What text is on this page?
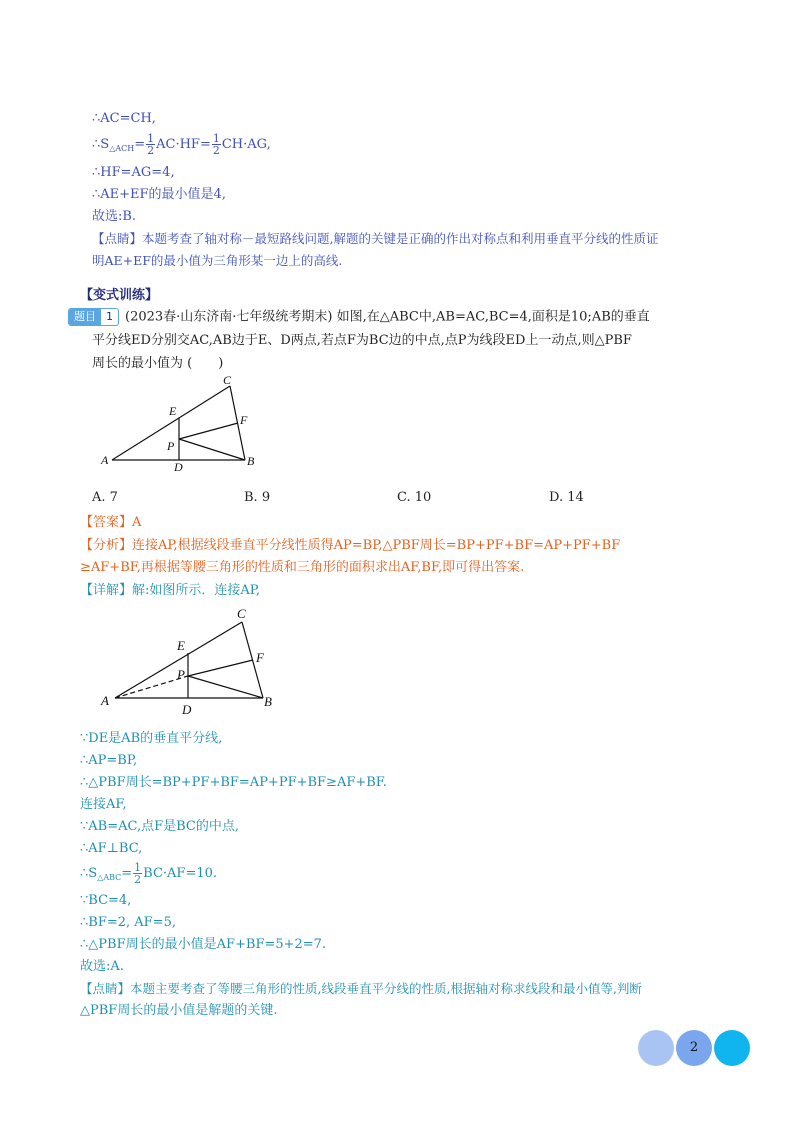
∴AC=CH,
$\therefore S_{\triangle ACH}= \frac{1}{2} AC\cdot HF= \frac{1}{2} CH\cdot AG$,
∴HF=AG=4,
∴AE+EF的最小值是4,
故选:B.
【点睛】本题考查了轴对称－最短路线问题,解题的关键是正确的作出对称点和利用垂直平分线的性质证
明AE+EF的最小值为三角形某一边上的高线.
【变式训练】
题目 1 (2023春·山东济南·七年级统考期末) 如图,在△ABC中,AB=AC,BC=4,面积是10;AB的垂直
平分线ED分别交AC,AB边于E、D两点,若点F为BC边的中点,点P为线段ED上一动点,则△PBF
周长的最小值为 (　　)
A	B
C
D
E
F
P
A. 7	B. 9	C. 10	D. 14
【答案】A
【分析】连接AP,根据线段垂直平分线性质得AP=BP,△PBF周长=BP+PF+BF=AP+PF+BF
≥AF+BF,再根据等腰三角形的性质和三角形的面积求出AF,BF,即可得出答案.
【详解】解:如图所示．连接AP,
A	B
C
D
E
F
P
∵DE是AB的垂直平分线,
∴AP=BP,
∴△PBF周长=BP+PF+BF=AP+PF+BF≥AF+BF.
连接AF,
∵AB=AC,点F是BC的中点,
∴AF⊥BC,
$\therefore S_{\triangle ABC}= \frac{1}{2} BC\cdot AF=10$.
∵BC=4,
∴BF=2, AF=5,
∴△PBF周长的最小值是AF+BF=5+2=7.
故选:A.
【点睛】本题主要考查了等腰三角形的性质,线段垂直平分线的性质,根据轴对称求线段和最小值等,判断
△PBF周长的最小值是解题的关键.
2
